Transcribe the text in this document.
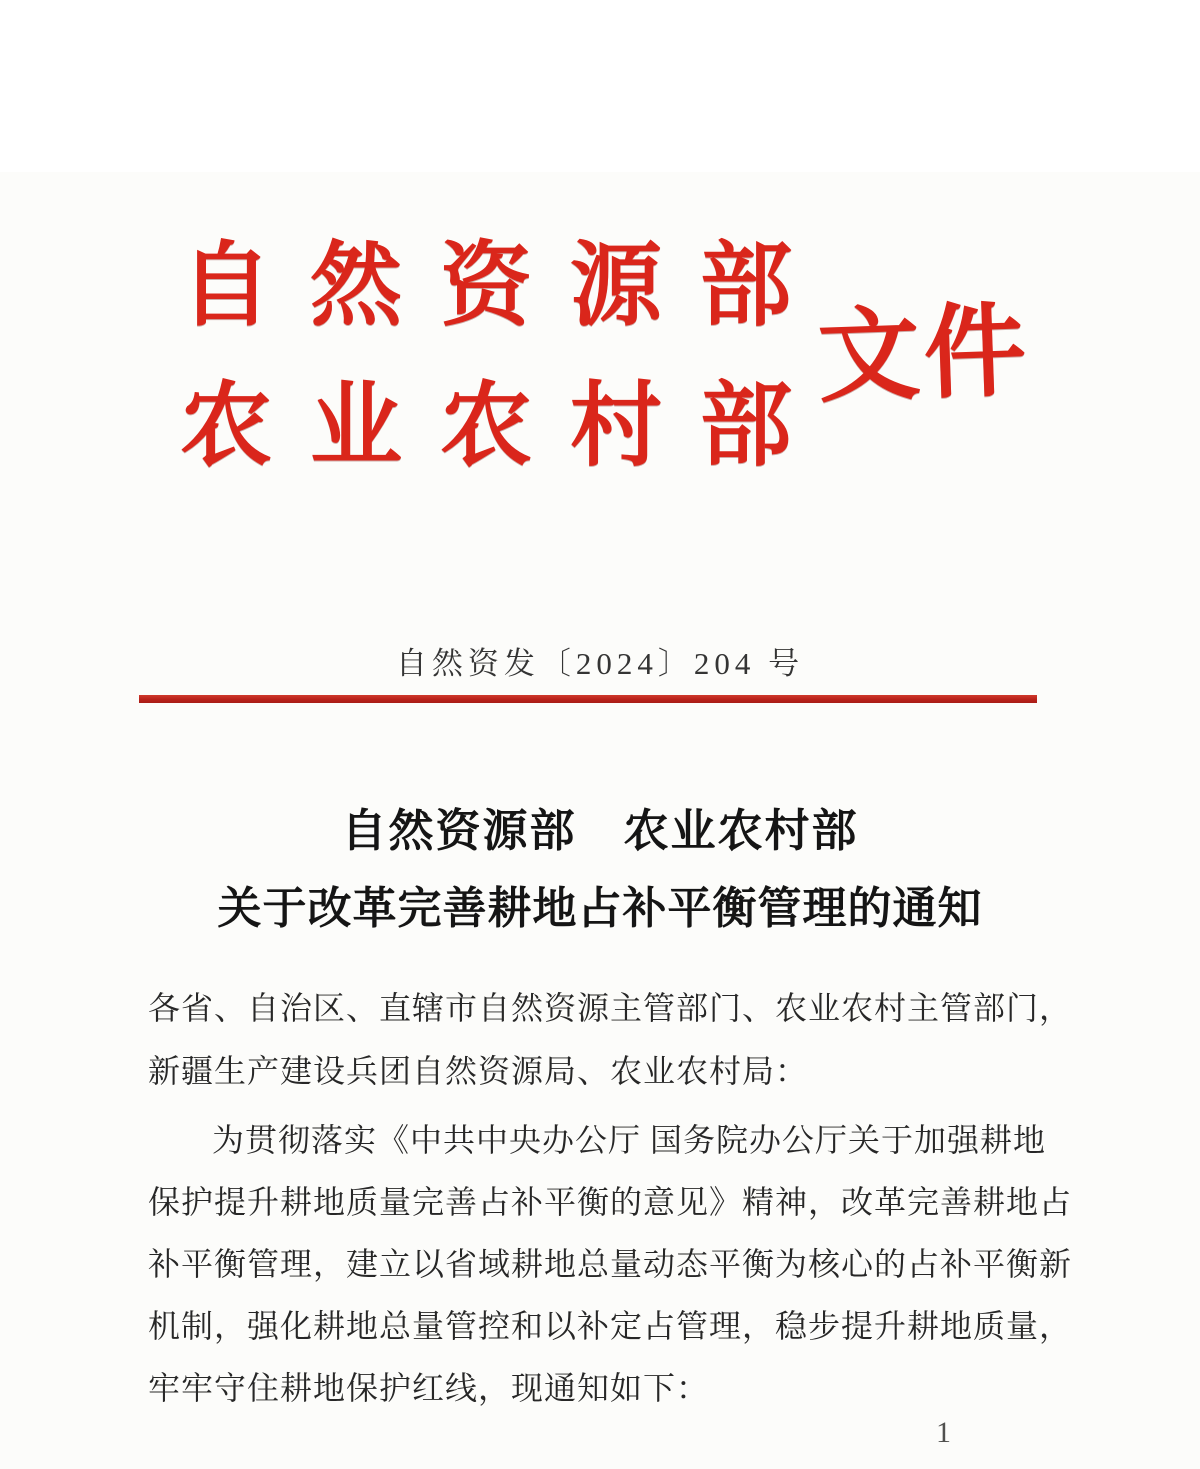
自然资源部
农业农村部
文件
自然资发〔2024〕204 号
自然资源部　农业农村部
关于改革完善耕地占补平衡管理的通知
各省、自治区、直辖市自然资源主管部门、农业农村主管部门，
新疆生产建设兵团自然资源局、农业农村局：
为贯彻落实《中共中央办公厅 国务院办公厅关于加强耕地
保护提升耕地质量完善占补平衡的意见》精神，改革完善耕地占
补平衡管理，建立以省域耕地总量动态平衡为核心的占补平衡新
机制，强化耕地总量管控和以补定占管理，稳步提升耕地质量，
牢牢守住耕地保护红线，现通知如下：
1
